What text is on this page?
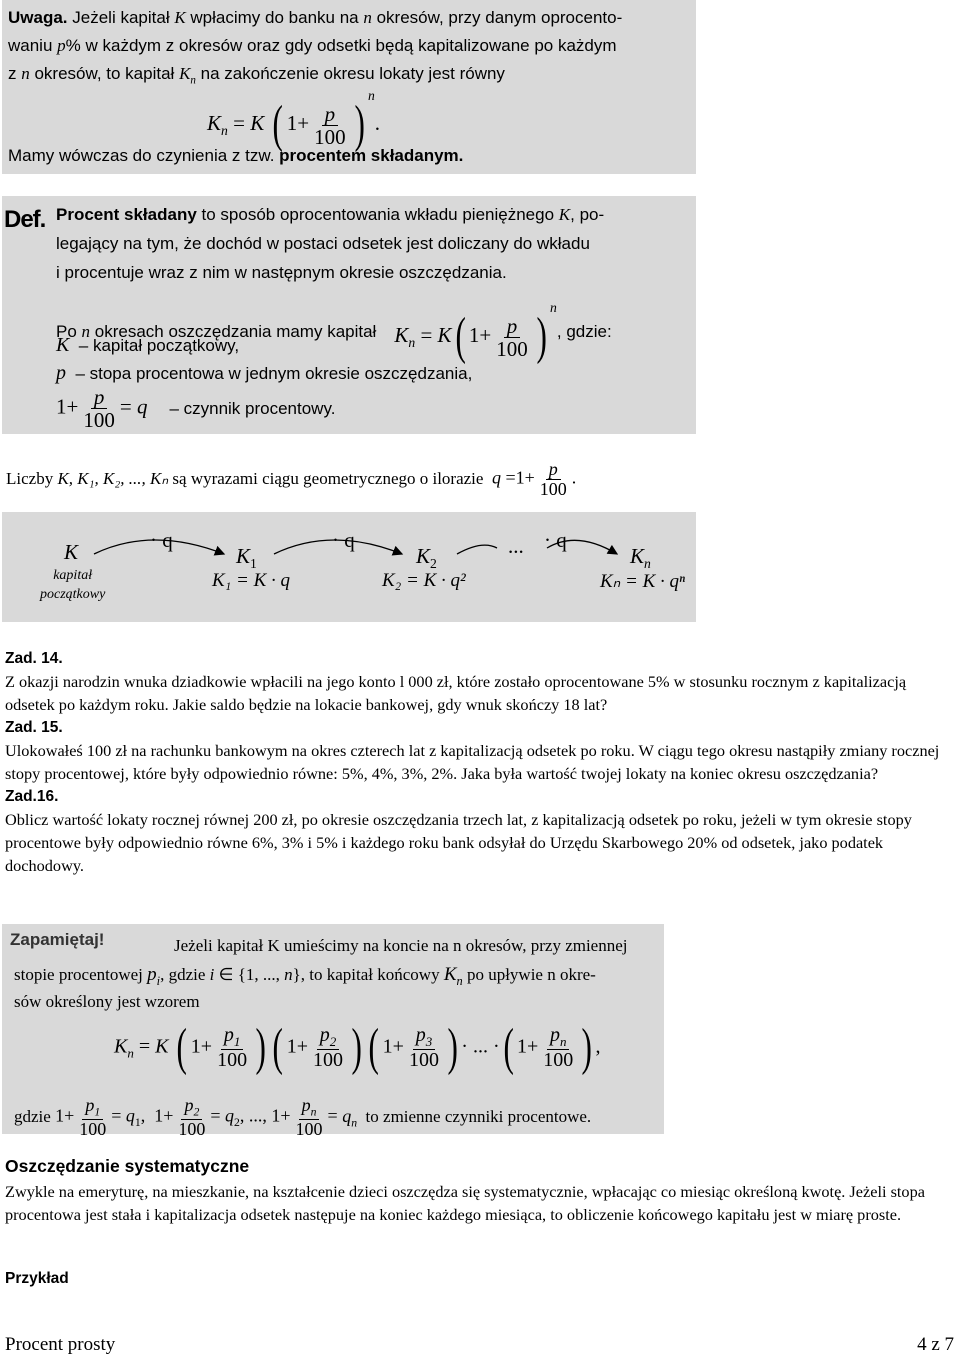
Uwaga. Jeżeli kapitał K wpłacimy do banku na n okresów, przy danym oprocento-
waniu p% w każdym z okresów oraz gdy odsetki będą kapitalizowane po każdym
z n okresów, to kapitał $K_n$ na zakończenie okresu lokaty jest równy
$K_n = K$ ( $1+ \frac{p}{100} )^n$.
Mamy wówczas do czynienia z tzw. procentem składanym.
Def. Procent składany to sposób oprocentowania wkładu pieniężnego K, po-
legający na tym, że dochód w postaci odsetek jest doliczany do wkładu
i procentuje wraz z nim w następnym okresie oszczędzania.
Po
n
okresach oszczędzania mamy kapitał $K_n = K$( $1+ \frac{p}{100} )^n$
, gdzie:
K – kapitał początkowy,
p – stopa procentowa w jednym okresie oszczędzania,
$1+ \frac{p}{100} = q$ – czynnik procentowy.
Liczby
K, K₁, K₂, ..., Kₙ
są wyrazami ciągu geometrycznego o ilorazie
$q =1+ \frac{p}{100}$ .
K	· q
$K_1$
· q
$K_2$
... · q
$K_n$
kapitał
początkowy
K₁ = K · q	K₂ = K · q²	Kₙ = K · qⁿ
Zad. 14.
Z okazji narodzin wnuka dziadkowie wpłacili na jego konto l 000 zł, które zostało oprocentowane 5% w stosunku rocznym z kapitalizacją odsetek po każdym roku. Jakie saldo będzie na lokacie bankowej, gdy wnuk skończy 18 lat?
Zad. 15.
Ulokowałeś 100 zł na rachunku bankowym na okres czterech lat z kapitalizacją odsetek po roku. W ciągu tego okresu nastąpiły zmiany rocznej stopy procentowej, które były odpowiednio równe: 5%, 4%, 3%, 2%. Jaka była wartość twojej lokaty na koniec okresu oszczędzania?
Zad.16.
Oblicz wartość lokaty rocznej równej 200 zł, po okresie oszczędzania trzech lat, z kapitalizacją odsetek po roku, jeżeli w tym okresie stopy procentowe były odpowiednio równe 6%, 3% i 5% i każdego roku bank odsyłał do Urzędu Skarbowego 20% od odsetek, jako podatek dochodowy.
Zapamiętaj!	Jeżeli kapitał K umieścimy na koncie na n okresów, przy zmiennej
stopie procentowej $p_i$, gdzie i ∈ {1, ..., n}, to kapitał końcowy $K_n$ po upływie n okre-
sów określony jest wzorem
$K_n = K$ ( $1+ \frac{p_1}{100}$ ) ( $1+ \frac{p_2}{100}$ ) ( $1+ \frac{p_3}{100}$ ) · ... ·( $1+ \frac{p_n}{100}$ ) ,
gdzie
$1+ \frac{p_1}{100} = q_1$,  $1+ \frac{p_2}{100} = q_2$, ..., $1+ \frac{p_n}{100} = q_n$
to zmienne czynniki procentowe.
Oszczędzanie systematyczne
Zwykle na emeryturę, na mieszkanie, na kształcenie dzieci oszczędza się systematycznie, wpłacając co miesiąc określoną kwotę. Jeżeli stopa procentowa jest stała i kapitalizacja odsetek następuje na koniec każdego miesiąca, to obliczenie końcowego kapitału jest w miarę proste.
Przykład
Procent prosty	4 z 7
